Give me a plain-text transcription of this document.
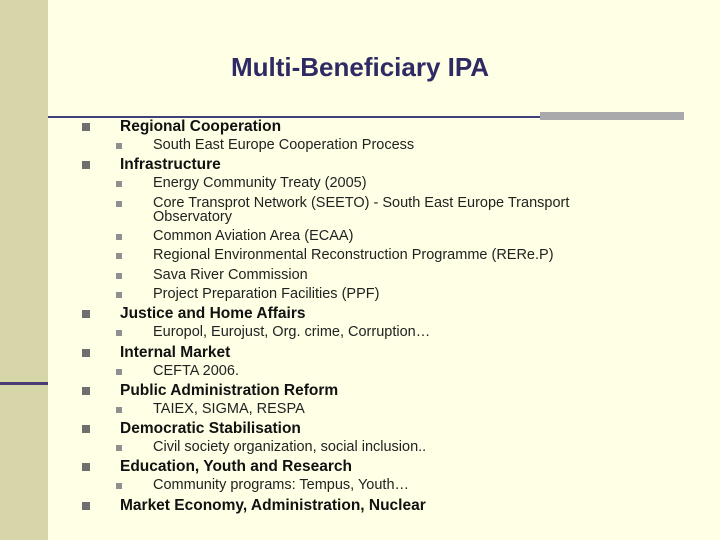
Multi-Beneficiary IPA
Regional Cooperation
South East Europe Cooperation Process
Infrastructure
Energy Community Treaty (2005)
Core Transprot Network (SEETO) - South East Europe Transport Observatory
Common Aviation Area (ECAA)
Regional Environmental Reconstruction Programme (RERe.P)
Sava River Commission
Project Preparation Facilities (PPF)
Justice and Home Affairs
Europol, Eurojust, Org. crime, Corruption…
Internal Market
CEFTA 2006.
Public Administration Reform
TAIEX, SIGMA, RESPA
Democratic Stabilisation
Civil society organization, social inclusion..
Education, Youth and Research
Community programs: Tempus, Youth…
Market Economy, Administration, Nuclear
